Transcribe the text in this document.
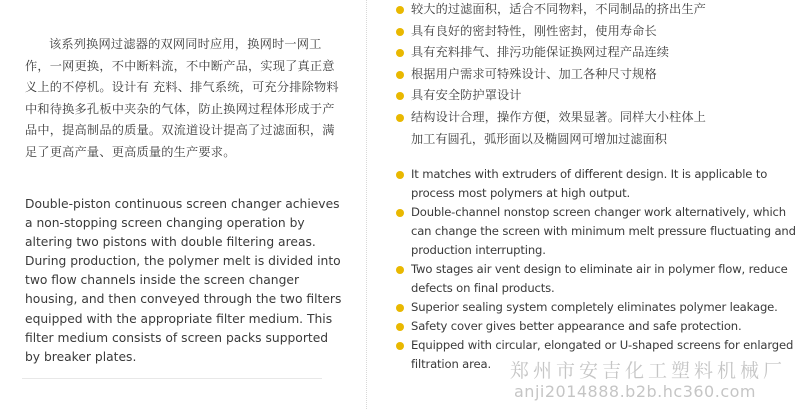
该系列换网过滤器的双网同时应用，换网时一网工作，一网更换，不中断料流，不中断产品，实现了真正意义上的不停机。设计有 充料、排气系统，可充分排除物料中和待换多孔板中夹杂的气体，防止换网过程体形成于产品中，提高制品的质量。双流道设计提高了过滤面积，满足了更高产量、更高质量的生产要求。

Double-piston continuous screen changer achieves a non-stopping screen changing operation by altering two pistons with double filtering areas. During production, the polymer melt is divided into two flow channels inside the screen changer housing, and then conveyed through the two filters equipped with the appropriate filter medium. This filter medium consists of screen packs supported by breaker plates.

较大的过滤面积，适合不同物料，不同制品的挤出生产
具有良好的密封特性，刚性密封，使用寿命长
具有充料排气、排污功能保证换网过程产品连续
根据用户需求可特殊设计、加工各种尺寸规格
具有安全防护罩设计
结构设计合理，操作方便，效果显著。同样大小柱体上
加工有圆孔，弧形面以及椭圆网可增加过滤面积
It matches with extruders of different design. It is applicable to process most polymers at high output.
Double-channel nonstop screen changer work alternatively, which can change the screen with minimum melt pressure fluctuating and production interrupting.
Two stages air vent design to eliminate air in polymer flow, reduce defects on final products.
Superior sealing system completely eliminates polymer leakage.
Safety cover gives better appearance and safe protection.
Equipped with circular, elongated or U-shaped screens for enlarged filtration area.	郑州市安吉化工塑料机械厂
anji2014888.b2b.hc360.com
